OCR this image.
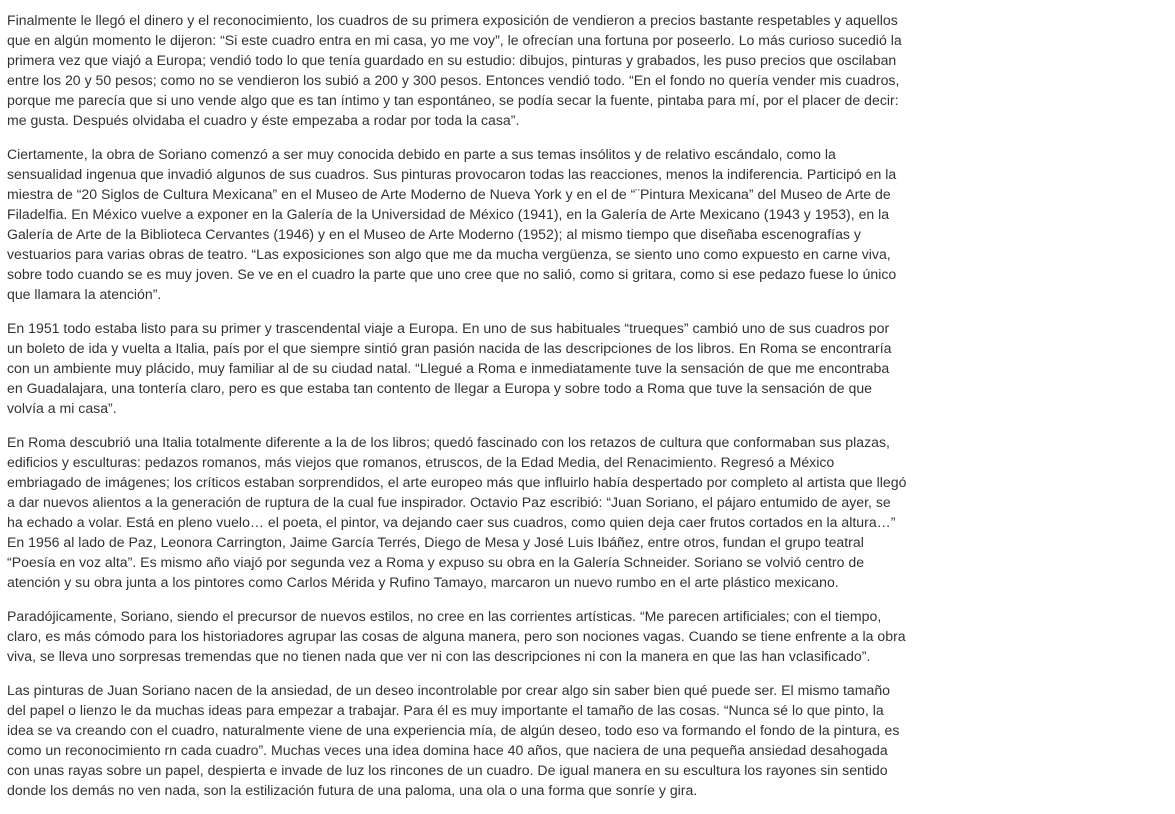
Finalmente le llegó el dinero y el reconocimiento, los cuadros de su primera exposición de vendieron a precios bastante respetables y aquellos que en algún momento le dijeron: “Si este cuadro entra en mi casa, yo me voy”, le ofrecían una fortuna por poseerlo. Lo más curioso sucedió la primera vez que viajó a Europa; vendió todo lo que tenía guardado en su estudio: dibujos, pinturas y grabados, les puso precios que oscilaban entre los 20 y 50 pesos; como no se vendieron los subió a 200 y 300 pesos. Entonces vendió todo. “En el fondo no quería vender mis cuadros, porque me parecía que si uno vende algo que es tan íntimo y tan espontáneo, se podía secar la fuente, pintaba para mí, por el placer de decir: me gusta. Después olvidaba el cuadro y éste empezaba a rodar por toda la casa”.

Ciertamente, la obra de Soriano comenzó a ser muy conocida debido en parte a sus temas insólitos y de relativo escándalo, como la sensualidad ingenua que invadió algunos de sus cuadros. Sus pinturas provocaron todas las reacciones, menos la indiferencia. Participó en la miestra de “20 Siglos de Cultura Mexicana” en el Museo de Arte Moderno de Nueva York y en el de “¨Pintura Mexicana” del Museo de Arte de Filadelfia. En México vuelve a exponer en la Galería de la Universidad de México (1941), en la Galería de Arte Mexicano (1943 y 1953), en la Galería de Arte de la Biblioteca Cervantes (1946) y en el Museo de Arte Moderno (1952); al mismo tiempo que diseñaba escenografías y vestuarios para varias obras de teatro. “Las exposiciones son algo que me da mucha vergüenza, se siento uno como expuesto en carne viva, sobre todo cuando se es muy joven. Se ve en el cuadro la parte que uno cree que no salió, como si gritara, como si ese pedazo fuese lo único que llamara la atención”.

En 1951 todo estaba listo para su primer y trascendental viaje a Europa. En uno de sus habituales “trueques” cambió uno de sus cuadros por un boleto de ida y vuelta a Italia, país por el que siempre sintió gran pasión nacida de las descripciones de los libros. En Roma se encontraría con un ambiente muy plácido, muy familiar al de su ciudad natal. “Llegué a Roma e inmediatamente tuve la sensación de que me encontraba en Guadalajara, una tontería claro, pero es que estaba tan contento de llegar a Europa y sobre todo a Roma que tuve la sensación de que volvía a mi casa”.

En Roma descubrió una Italia totalmente diferente a la de los libros; quedó fascinado con los retazos de cultura que conformaban sus plazas, edificios y esculturas: pedazos romanos, más viejos que romanos, etruscos, de la Edad Media, del Renacimiento. Regresó a México embriagado de imágenes; los críticos estaban sorprendidos, el arte europeo más que influirlo había despertado por completo al artista que llegó a dar nuevos alientos a la generación de ruptura de la cual fue inspirador. Octavio Paz escribió: “Juan Soriano, el pájaro entumido de ayer, se ha echado a volar. Está en pleno vuelo… el poeta, el pintor, va dejando caer sus cuadros, como quien deja caer frutos cortados en la altura…” En 1956 al lado de Paz, Leonora Carrington, Jaime García Terrés, Diego de Mesa y José Luis Ibáñez, entre otros, fundan el grupo teatral “Poesía en voz alta”. Es mismo año viajó por segunda vez a Roma y expuso su obra en la Galería Schneider. Soriano se volvió centro de atención y su obra junta a los pintores como Carlos Mérida y Rufino Tamayo, marcaron un nuevo rumbo en el arte plástico mexicano.

Paradójicamente, Soriano, siendo el precursor de nuevos estilos, no cree en las corrientes artísticas. “Me parecen artificiales; con el tiempo, claro, es más cómodo para los historiadores agrupar las cosas de alguna manera, pero son nociones vagas. Cuando se tiene enfrente a la obra viva, se lleva uno sorpresas tremendas que no tienen nada que ver ni con las descripciones ni con la manera en que las han vclasificado”.

Las pinturas de Juan Soriano nacen de la ansiedad, de un deseo incontrolable por crear algo sin saber bien qué puede ser. El mismo tamaño del papel o lienzo le da muchas ideas para empezar a trabajar. Para él es muy importante el tamaño de las cosas. “Nunca sé lo que pinto, la idea se va creando con el cuadro, naturalmente viene de una experiencia mía, de algún deseo, todo eso va formando el fondo de la pintura, es como un reconocimiento rn cada cuadro”. Muchas veces una idea domina hace 40 años, que naciera de una pequeña ansiedad desahogada con unas rayas sobre un papel, despierta e invade de luz los rincones de un cuadro. De igual manera en su escultura los rayones sin sentido donde los demás no ven nada, son la estilización futura de una paloma, una ola o una forma que sonríe y gira.
